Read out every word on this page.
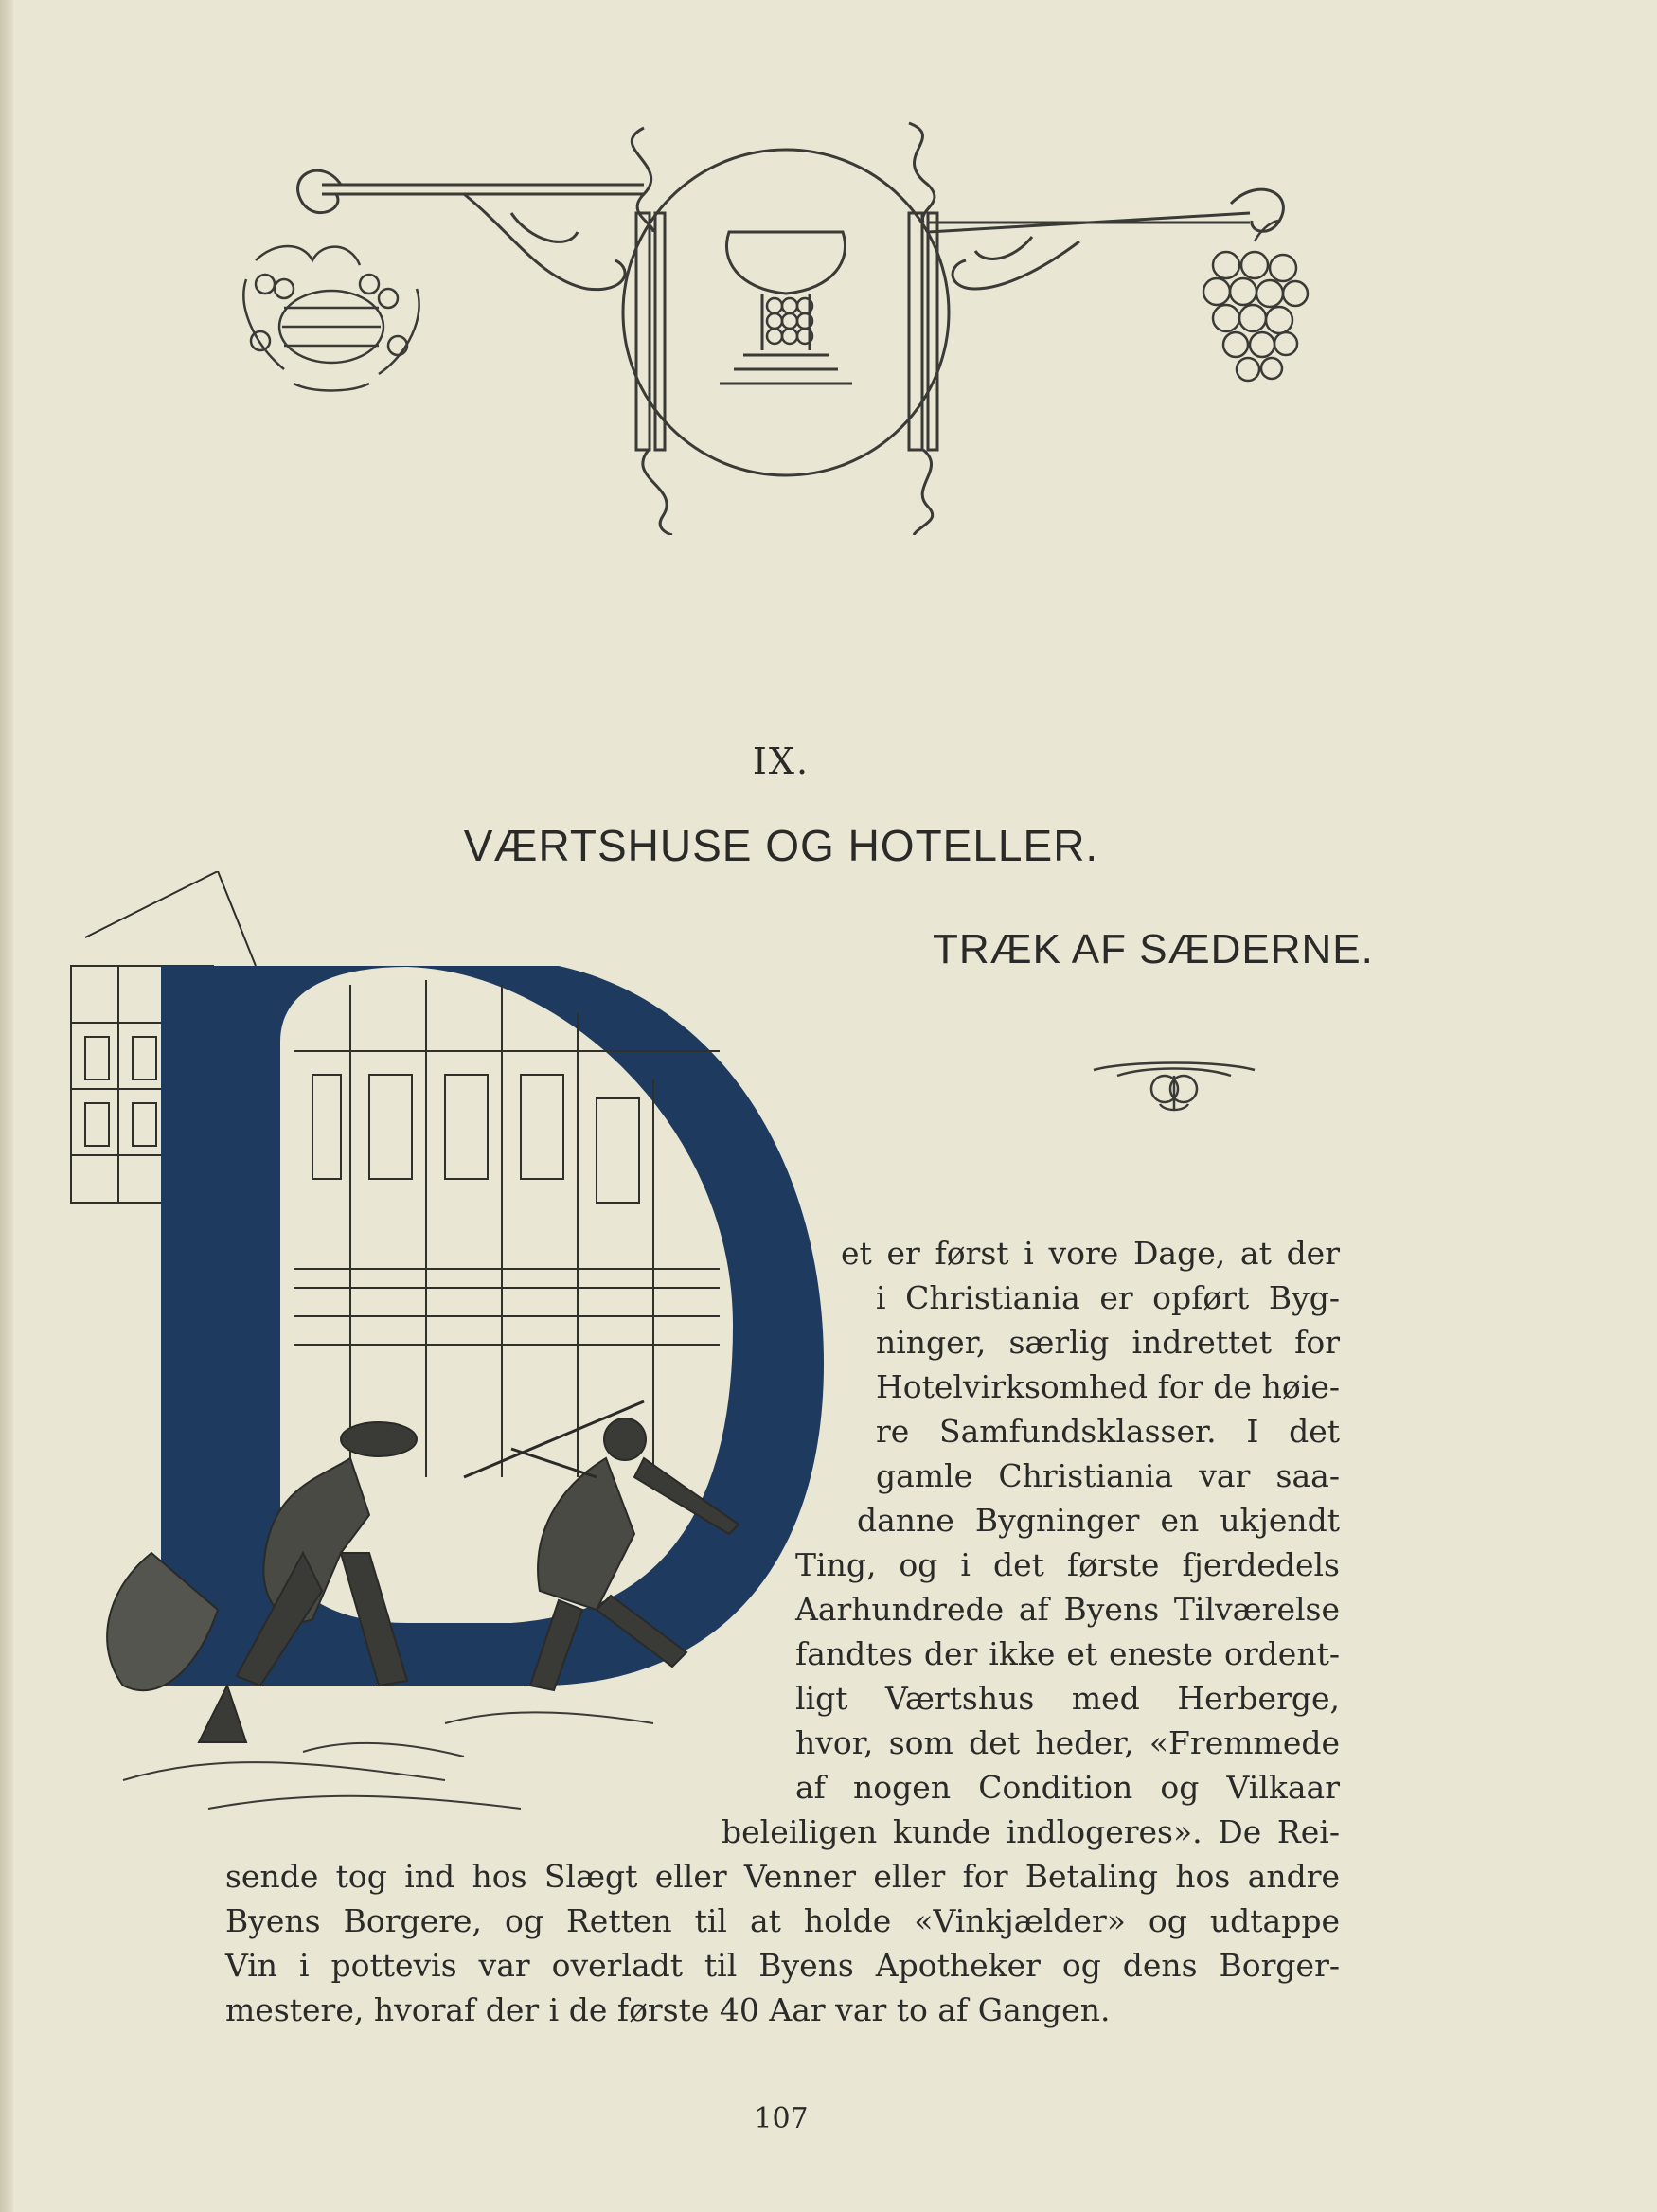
IX.
VÆRTSHUSE OG HOTELLER.
TRÆK AF SÆDERNE.
et er først i vore Dage, at der
i Christiania er opført Byg-
ninger, særlig indrettet for
Hotelvirksomhed for de høie-
re Samfundsklasser. I det
gamle Christiania var saa-
danne Bygninger en ukjendt
Ting, og i det første fjerdedels
Aarhundrede af Byens Tilværelse
fandtes der ikke et eneste ordent-
ligt Værtshus med Herberge,
hvor, som det heder, «Fremmede
af nogen Condition og Vilkaar
beleiligen kunde indlogeres». De Rei-
sende tog ind hos Slægt eller Venner eller for Betaling hos andre
Byens Borgere, og Retten til at holde «Vinkjælder» og udtappe
Vin i pottevis var overladt til Byens Apotheker og dens Borger-
mestere, hvoraf der i de første 40 Aar var to af Gangen.
107
